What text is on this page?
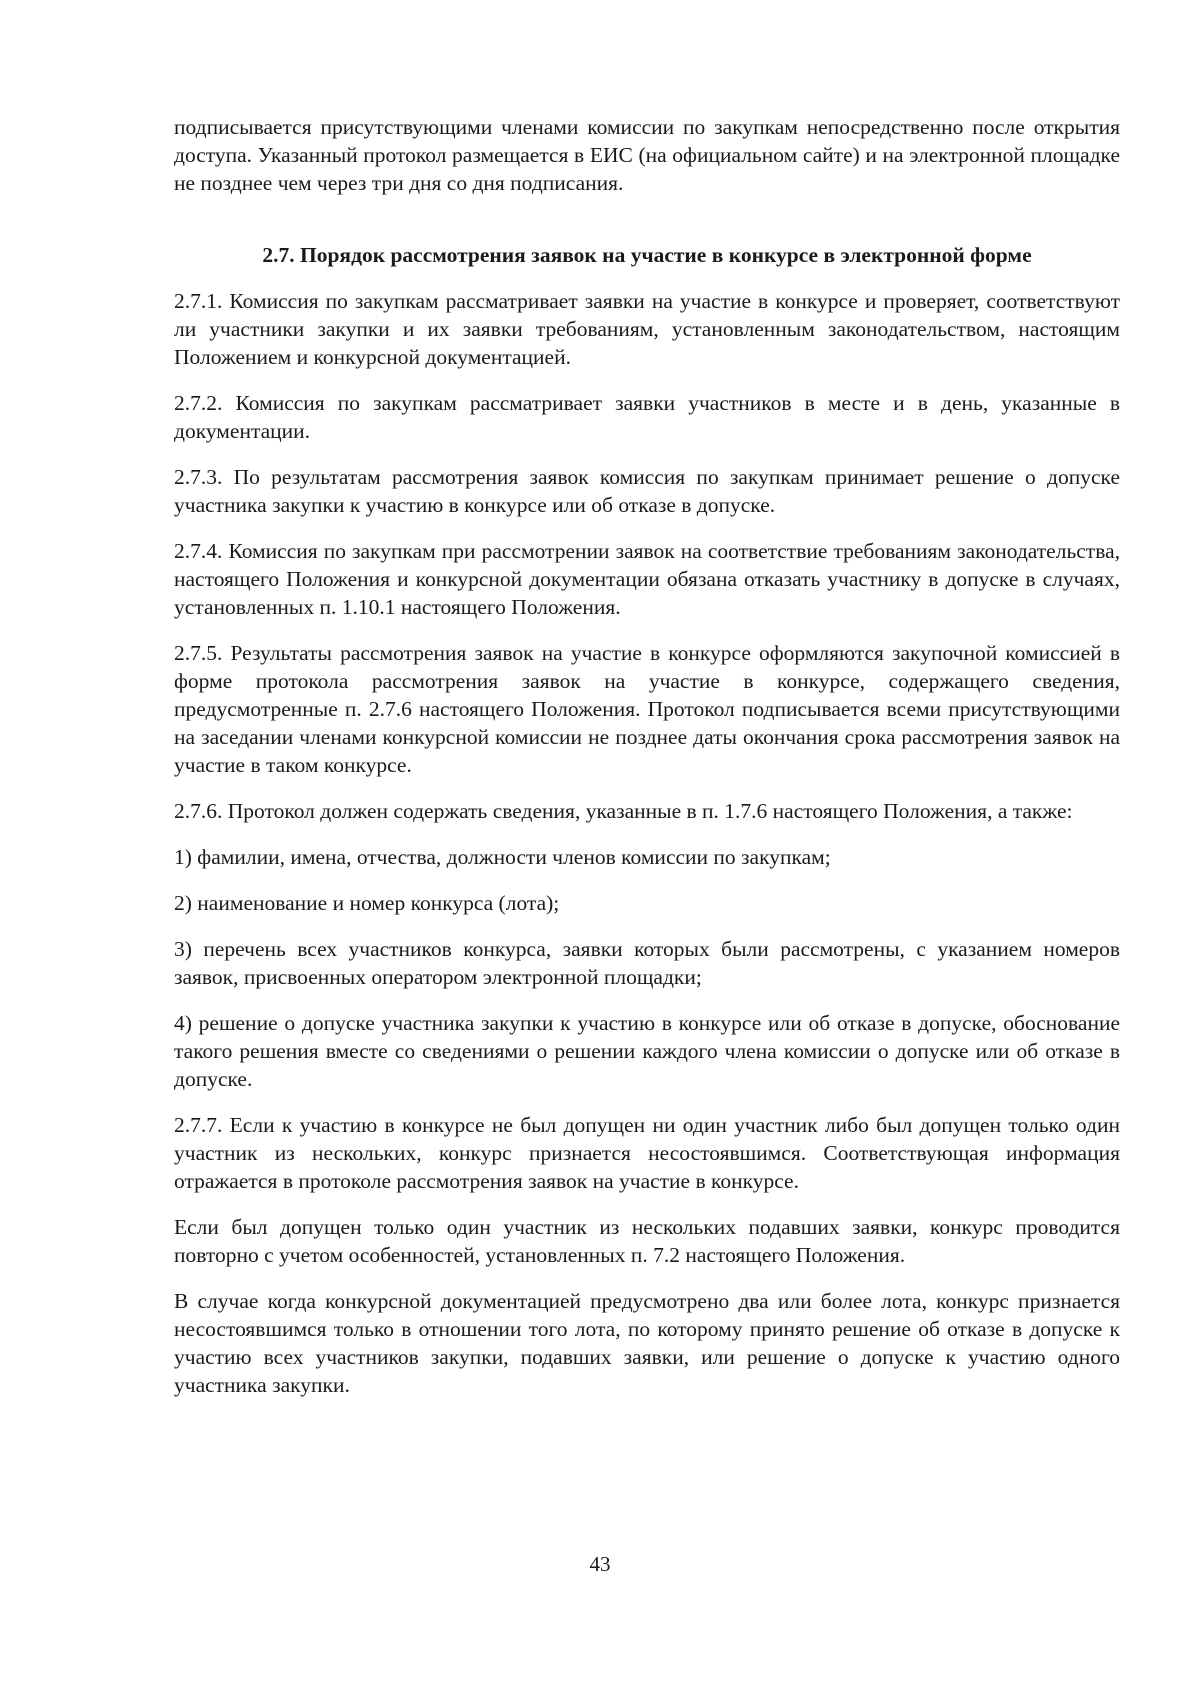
подписывается присутствующими членами комиссии по закупкам непосредственно после открытия доступа. Указанный протокол размещается в ЕИС (на официальном сайте) и на электронной площадке не позднее чем через три дня со дня подписания.

2.7. Порядок рассмотрения заявок на участие в конкурсе в электронной форме

2.7.1. Комиссия по закупкам рассматривает заявки на участие в конкурсе и проверяет, соответствуют ли участники закупки и их заявки требованиям, установленным законодательством, настоящим Положением и конкурсной документацией.

2.7.2. Комиссия по закупкам рассматривает заявки участников в месте и в день, указанные в документации.

2.7.3. По результатам рассмотрения заявок комиссия по закупкам принимает решение о допуске участника закупки к участию в конкурсе или об отказе в допуске.

2.7.4. Комиссия по закупкам при рассмотрении заявок на соответствие требованиям законодательства, настоящего Положения и конкурсной документации обязана отказать участнику в допуске в случаях, установленных п. 1.10.1 настоящего Положения.

2.7.5. Результаты рассмотрения заявок на участие в конкурсе оформляются закупочной комиссией в форме протокола рассмотрения заявок на участие в конкурсе, содержащего сведения, предусмотренные п. 2.7.6 настоящего Положения. Протокол подписывается всеми присутствующими на заседании членами конкурсной комиссии не позднее даты окончания срока рассмотрения заявок на участие в таком конкурсе.

2.7.6. Протокол должен содержать сведения, указанные в п. 1.7.6 настоящего Положения, а также:

1) фамилии, имена, отчества, должности членов комиссии по закупкам;

2) наименование и номер конкурса (лота);

3) перечень всех участников конкурса, заявки которых были рассмотрены, с указанием номеров заявок, присвоенных оператором электронной площадки;

4) решение о допуске участника закупки к участию в конкурсе или об отказе в допуске, обоснование такого решения вместе со сведениями о решении каждого члена комиссии о допуске или об отказе в допуске.

2.7.7. Если к участию в конкурсе не был допущен ни один участник либо был допущен только один участник из нескольких, конкурс признается несостоявшимся. Соответствующая информация отражается в протоколе рассмотрения заявок на участие в конкурсе.

Если был допущен только один участник из нескольких подавших заявки, конкурс проводится повторно с учетом особенностей, установленных п. 7.2 настоящего Положения.

В случае когда конкурсной документацией предусмотрено два или более лота, конкурс признается несостоявшимся только в отношении того лота, по которому принято решение об отказе в допуске к участию всех участников закупки, подавших заявки, или решение о допуске к участию одного участника закупки.

43
